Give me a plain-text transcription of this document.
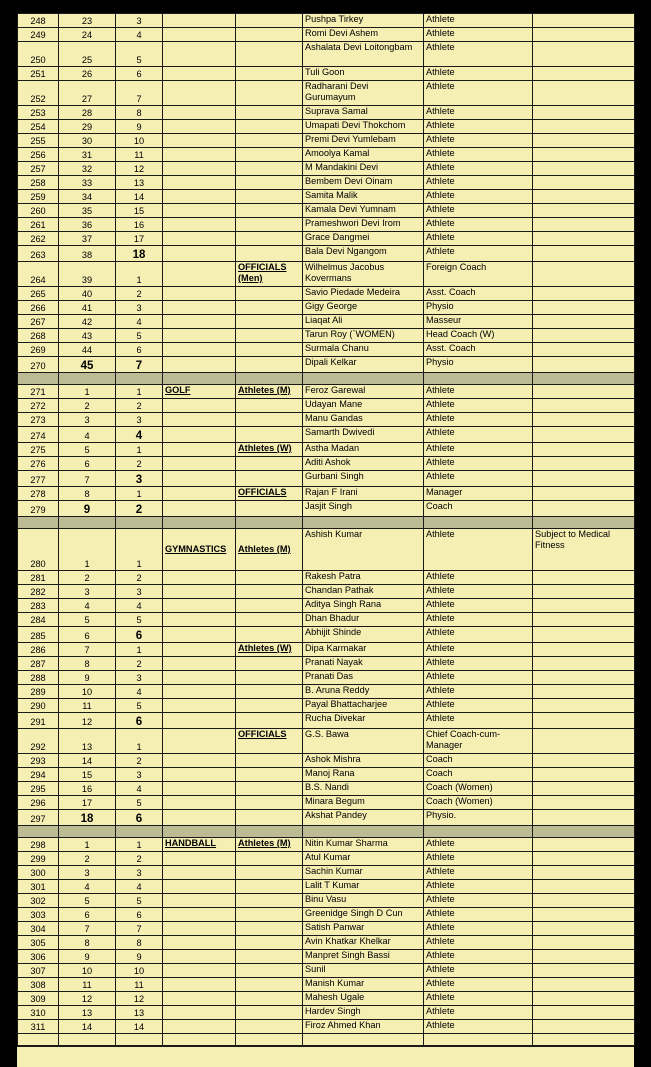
248	23	3			Pushpa Tirkey	Athlete	
249	24	4			Romi Devi Ashem	Athlete	
250	25	5			Ashalata Devi Loitongbam	Athlete	
251	26	6			Tuli Goon	Athlete	
252	27	7			Radharani Devi Gurumayum	Athlete	
253	28	8			Suprava Samal	Athlete	
254	29	9			Umapati Devi Thokchom	Athlete	
255	30	10			Premi Devi Yumlebam	Athlete	
256	31	11			Amoolya Kamal	Athlete	
257	32	12			M Mandakini Devi	Athlete	
258	33	13			Bembem Devi Oinam	Athlete	
259	34	14			Samita Malik	Athlete	
260	35	15			Kamala Devi Yumnam	Athlete	
261	36	16			Prameshwori Devi Irom	Athlete	
262	37	17			Grace Dangmei	Athlete	
263	38	18			Bala Devi Ngangom	Athlete	
264	39	1		OFFICIALS (Men)	Wilhelmus Jacobus Kovermans	Foreign Coach	
265	40	2			Savio Piedade Medeira	Asst. Coach	
266	41	3			Gigy George	Physio	
267	42	4			Liaqat Ali	Masseur	
268	43	5			Tarun Roy (`WOMEN)	Head Coach (W)	
269	44	6			Surmala Chanu	Asst. Coach	
270	45	7			Dipali Kelkar	Physio	

271	1	1	GOLF	Athletes (M)	Feroz Garewal	Athlete	
272	2	2			Udayan Mane	Athlete	
273	3	3			Manu Gandas	Athlete	
274	4	4			Samarth Dwivedi	Athlete	
275	5	1		Athletes (W)	Astha Madan	Athlete	
276	6	2			Aditi Ashok	Athlete	
277	7	3			Gurbani Singh	Athlete	
278	8	1		OFFICIALS	Rajan F Irani	Manager	
279	9	2			Jasjit Singh	Coach	

280	1	1	GYMNASTICS	Athletes (M)	Ashish Kumar	Athlete	Subject to Medical Fitness
281	2	2			Rakesh Patra	Athlete	
282	3	3			Chandan Pathak	Athlete	
283	4	4			Aditya Singh Rana	Athlete	
284	5	5			Dhan Bhadur	Athlete	
285	6	6			Abhijit Shinde	Athlete	
286	7	1		Athletes (W)	Dipa Karmakar	Athlete	
287	8	2			Pranati Nayak	Athlete	
288	9	3			Pranati Das	Athlete	
289	10	4			B. Aruna Reddy	Athlete	
290	11	5			Payal Bhattacharjee	Athlete	
291	12	6			Rucha Divekar	Athlete	
292	13	1		OFFICIALS	G.S. Bawa	Chief Coach-cum-Manager	
293	14	2			Ashok Mishra	Coach	
294	15	3			Manoj Rana	Coach	
295	16	4			B.S. Nandi	Coach (Women)	
296	17	5			Minara Begum	Coach (Women)	
297	18	6			Akshat Pandey	Physio.	

298	1	1	HANDBALL	Athletes (M)	Nitin Kumar Sharma	Athlete	
299	2	2			Atul Kumar	Athlete	
300	3	3			Sachin Kumar	Athlete	
301	4	4			Lalit T Kumar	Athlete	
302	5	5			Binu Vasu	Athlete	
303	6	6			Greenidge Singh D Cun	Athlete	
304	7	7			Satish Panwar	Athlete	
305	8	8			Avin Khatkar Khelkar	Athlete	
306	9	9			Manpret Singh Bassi	Athlete	
307	10	10			Sunil	Athlete	
308	11	11			Manish Kumar	Athlete	
309	12	12			Mahesh Ugale	Athlete	
310	13	13			Hardev Singh	Athlete	
311	14	14			Firoz Ahmed Khan	Athlete	
